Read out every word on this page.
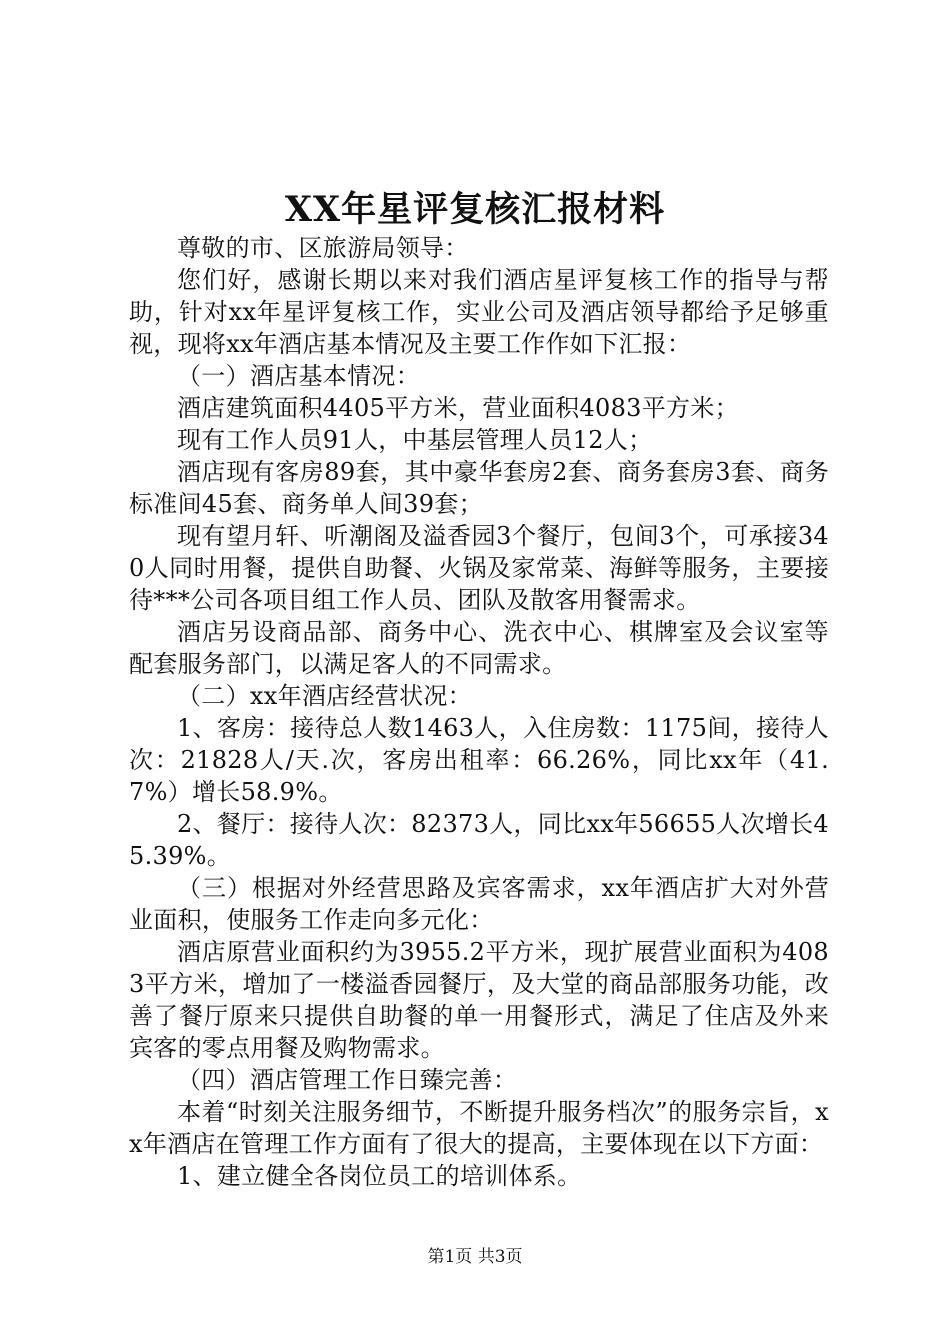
XX年星评复核汇报材料

尊敬的市、区旅游局领导：

您们好，感谢长期以来对我们酒店星评复核工作的指导与帮助，针对xx年星评复核工作，实业公司及酒店领导都给予足够重视，现将xx年酒店基本情况及主要工作作如下汇报：

（一）酒店基本情况：

酒店建筑面积4405平方米，营业面积4083平方米；

现有工作人员91人，中基层管理人员12人；

酒店现有客房89套，其中豪华套房2套、商务套房3套、商务标准间45套、商务单人间39套；

现有望月轩、听潮阁及溢香园3个餐厅，包间3个，可承接340人同时用餐，提供自助餐、火锅及家常菜、海鲜等服务，主要接待***公司各项目组工作人员、团队及散客用餐需求。

酒店另设商品部、商务中心、洗衣中心、棋牌室及会议室等配套服务部门，以满足客人的不同需求。

（二）xx年酒店经营状况：

1、客房：接待总人数1463人，入住房数：1175间，接待人次：21828人/天.次，客房出租率：66.26%，同比xx年（41.7%）增长58.9%。

2、餐厅：接待人次：82373人，同比xx年56655人次增长45.39%。

（三）根据对外经营思路及宾客需求，xx年酒店扩大对外营业面积，使服务工作走向多元化：

酒店原营业面积约为3955.2平方米，现扩展营业面积为4083平方米，增加了一楼溢香园餐厅，及大堂的商品部服务功能，改善了餐厅原来只提供自助餐的单一用餐形式，满足了住店及外来宾客的零点用餐及购物需求。

（四）酒店管理工作日臻完善：

本着“时刻关注服务细节，不断提升服务档次”的服务宗旨，xx年酒店在管理工作方面有了很大的提高，主要体现在以下方面：

1、建立健全各岗位员工的培训体系。

第1页 共3页
